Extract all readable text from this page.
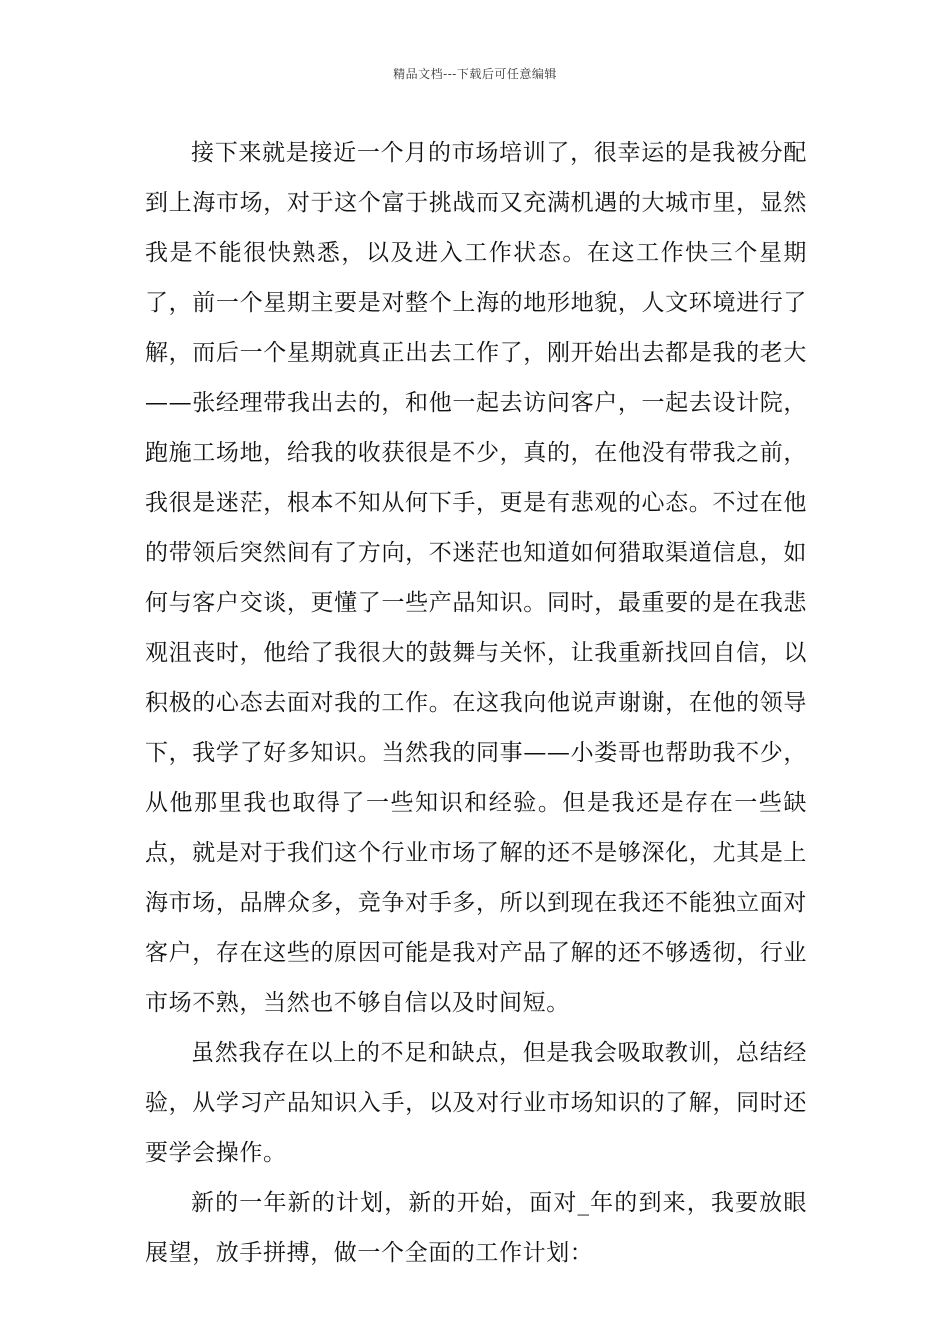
精品文档---下载后可任意编辑

接下来就是接近一个月的市场培训了，很幸运的是我被分配到上海市场，对于这个富于挑战而又充满机遇的大城市里，显然我是不能很快熟悉，以及进入工作状态。在这工作快三个星期了，前一个星期主要是对整个上海的地形地貌，人文环境进行了解，而后一个星期就真正出去工作了，刚开始出去都是我的老大——张经理带我出去的，和他一起去访问客户，一起去设计院，跑施工场地，给我的收获很是不少，真的，在他没有带我之前，我很是迷茫，根本不知从何下手，更是有悲观的心态。不过在他的带领后突然间有了方向，不迷茫也知道如何猎取渠道信息，如何与客户交谈，更懂了一些产品知识。同时，最重要的是在我悲观沮丧时，他给了我很大的鼓舞与关怀，让我重新找回自信，以积极的心态去面对我的工作。在这我向他说声谢谢，在他的领导下，我学了好多知识。当然我的同事——小娄哥也帮助我不少，从他那里我也取得了一些知识和经验。但是我还是存在一些缺点，就是对于我们这个行业市场了解的还不是够深化，尤其是上海市场，品牌众多，竞争对手多，所以到现在我还不能独立面对客户，存在这些的原因可能是我对产品了解的还不够透彻，行业市场不熟，当然也不够自信以及时间短。

虽然我存在以上的不足和缺点，但是我会吸取教训，总结经验，从学习产品知识入手，以及对行业市场知识的了解，同时还要学会操作。

新的一年新的计划，新的开始，面对_年的到来，我要放眼展望，放手拼搏，做一个全面的工作计划：
